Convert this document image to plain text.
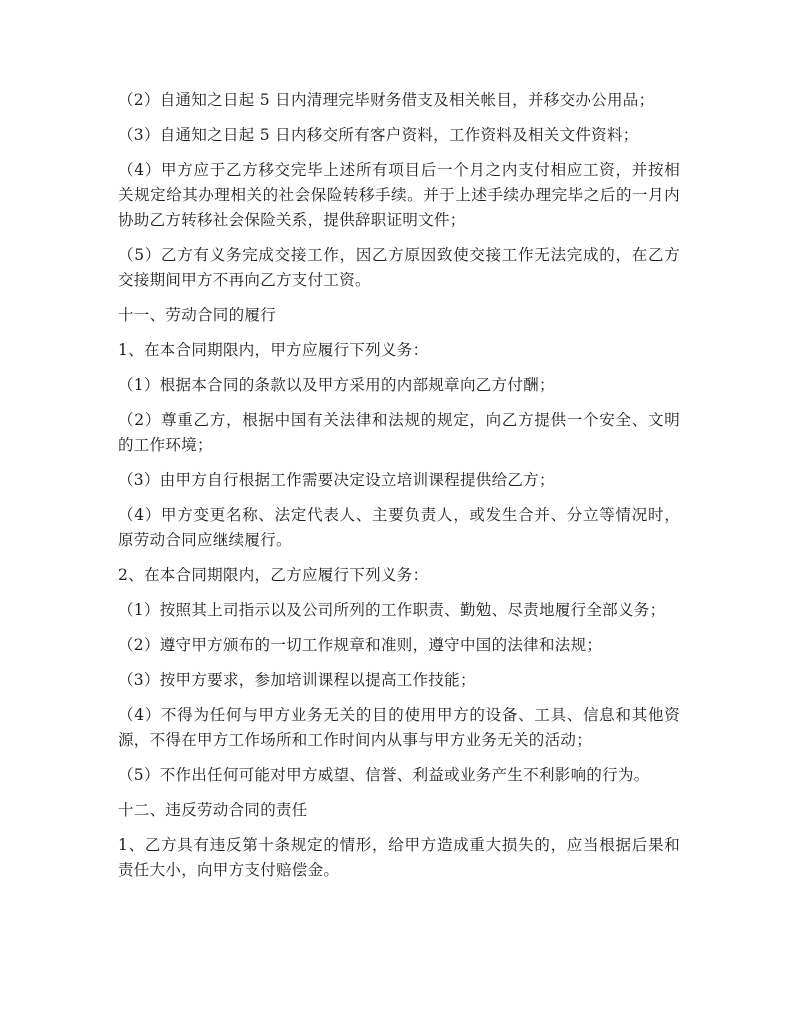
（2）自通知之日起 5 日内清理完毕财务借支及相关帐目，并移交办公用品；

（3）自通知之日起 5 日内移交所有客户资料，工作资料及相关文件资料；

（4）甲方应于乙方移交完毕上述所有项目后一个月之内支付相应工资，并按相关规定给其办理相关的社会保险转移手续。并于上述手续办理完毕之后的一月内协助乙方转移社会保险关系，提供辞职证明文件；

（5）乙方有义务完成交接工作，因乙方原因致使交接工作无法完成的，在乙方交接期间甲方不再向乙方支付工资。

十一、劳动合同的履行

1、在本合同期限内，甲方应履行下列义务：

（1）根据本合同的条款以及甲方采用的内部规章向乙方付酬；

（2）尊重乙方，根据中国有关法律和法规的规定，向乙方提供一个安全、文明的工作环境；

（3）由甲方自行根据工作需要决定设立培训课程提供给乙方；

（4）甲方变更名称、法定代表人、主要负责人，或发生合并、分立等情况时，原劳动合同应继续履行。

2、在本合同期限内，乙方应履行下列义务：

（1）按照其上司指示以及公司所列的工作职责、勤勉、尽责地履行全部义务；

（2）遵守甲方颁布的一切工作规章和准则，遵守中国的法律和法规；

（3）按甲方要求，参加培训课程以提高工作技能；

（4）不得为任何与甲方业务无关的目的使用甲方的设备、工具、信息和其他资源，不得在甲方工作场所和工作时间内从事与甲方业务无关的活动；

（5）不作出任何可能对甲方威望、信誉、利益或业务产生不利影响的行为。

十二、违反劳动合同的责任

1、乙方具有违反第十条规定的情形，给甲方造成重大损失的，应当根据后果和责任大小，向甲方支付赔偿金。
